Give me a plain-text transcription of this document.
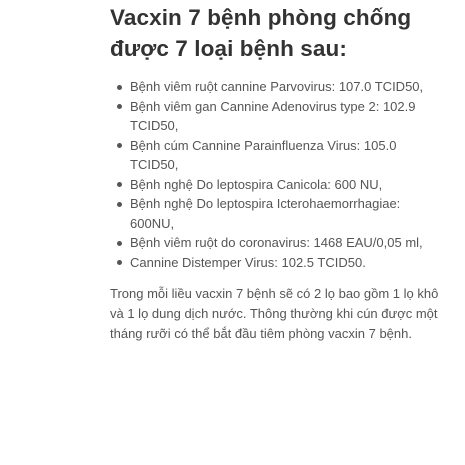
Vacxin 7 bệnh phòng chống được 7 loại bệnh sau:
Bệnh viêm ruột cannine Parvovirus: 107.0 TCID50,
Bệnh viêm gan Cannine Adenovirus type 2: 102.9 TCID50,
Bệnh cúm Cannine Parainfluenza Virus: 105.0 TCID50,
Bệnh nghệ Do leptospira Canicola: 600 NU,
Bệnh nghệ Do leptospira Icterohaemorrhagiae: 600NU,
Bệnh viêm ruột do coronavirus: 1468 EAU/0,05 ml,
Cannine Distemper Virus: 102.5 TCID50.

Trong mỗi liều vacxin 7 bệnh sẽ có 2 lọ bao gồm 1 lọ khô và 1 lọ dung dịch nước. Thông thường khi cún được một tháng rưỡi có thể bắt đầu tiêm phòng vacxin 7 bệnh.
